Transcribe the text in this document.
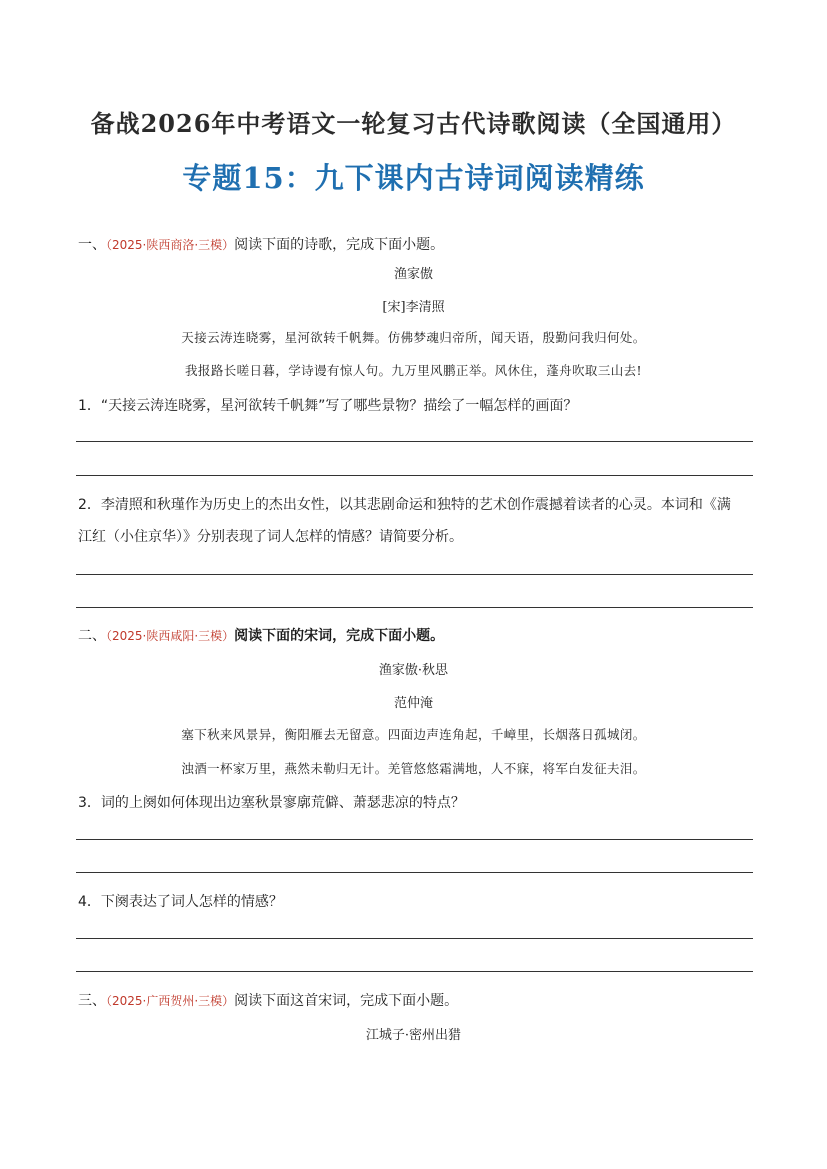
备战2026年中考语文一轮复习古代诗歌阅读（全国通用）
专题15：九下课内古诗词阅读精练
一、（2025·陕西商洛·三模）阅读下面的诗歌，完成下面小题。
渔家傲
[宋]李清照
天接云涛连晓雾，星河欲转千帆舞。仿佛梦魂归帝所，闻天语，殷勤问我归何处。
我报路长嗟日暮，学诗谩有惊人句。九万里风鹏正举。风休住，蓬舟吹取三山去!
1．“天接云涛连晓雾，星河欲转千帆舞”写了哪些景物？描绘了一幅怎样的画面？
2．李清照和秋瑾作为历史上的杰出女性，以其悲剧命运和独特的艺术创作震撼着读者的心灵。本词和《满
江红（小住京华）》分别表现了词人怎样的情感？请简要分析。
二、（2025·陕西咸阳·三模）阅读下面的宋词，完成下面小题。
渔家傲·秋思
范仲淹
塞下秋来风景异，衡阳雁去无留意。四面边声连角起，千嶂里，长烟落日孤城闭。
浊酒一杯家万里，燕然未勒归无计。羌管悠悠霜满地，人不寐，将军白发征夫泪。
3．词的上阕如何体现出边塞秋景寥廓荒僻、萧瑟悲凉的特点？
4．下阕表达了词人怎样的情感？
三、（2025·广西贺州·三模）阅读下面这首宋词，完成下面小题。
江城子·密州出猎
